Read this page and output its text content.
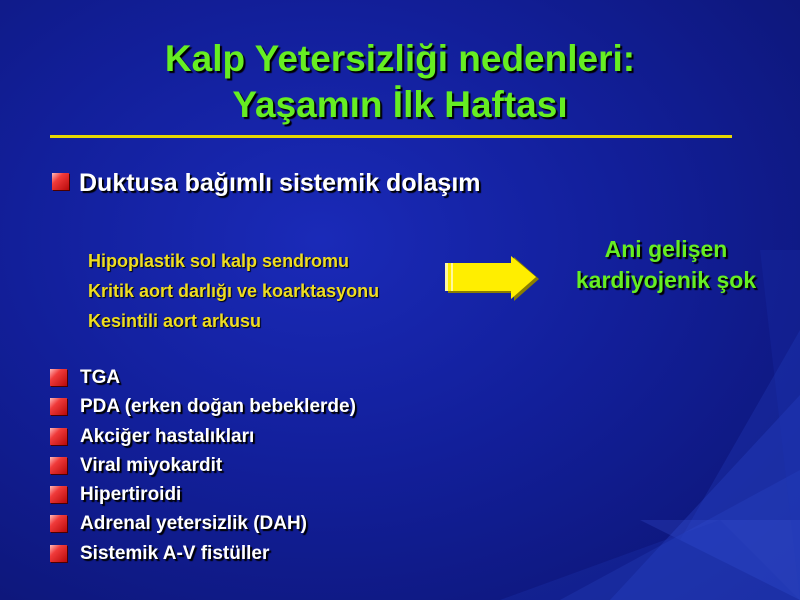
Kalp Yetersizliği nedenleri:
Yaşamın İlk Haftası
Duktusa bağımlı sistemik dolaşım
Hipoplastik sol kalp sendromu
Kritik aort darlığı ve koarktasyonu
Kesintili aort arkusu
Ani gelişen
kardiyojenik şok
TGA
PDA (erken doğan bebeklerde)
Akciğer hastalıkları
Viral miyokardit
Hipertiroidi
Adrenal yetersizlik (DAH)
Sistemik A-V fistüller
